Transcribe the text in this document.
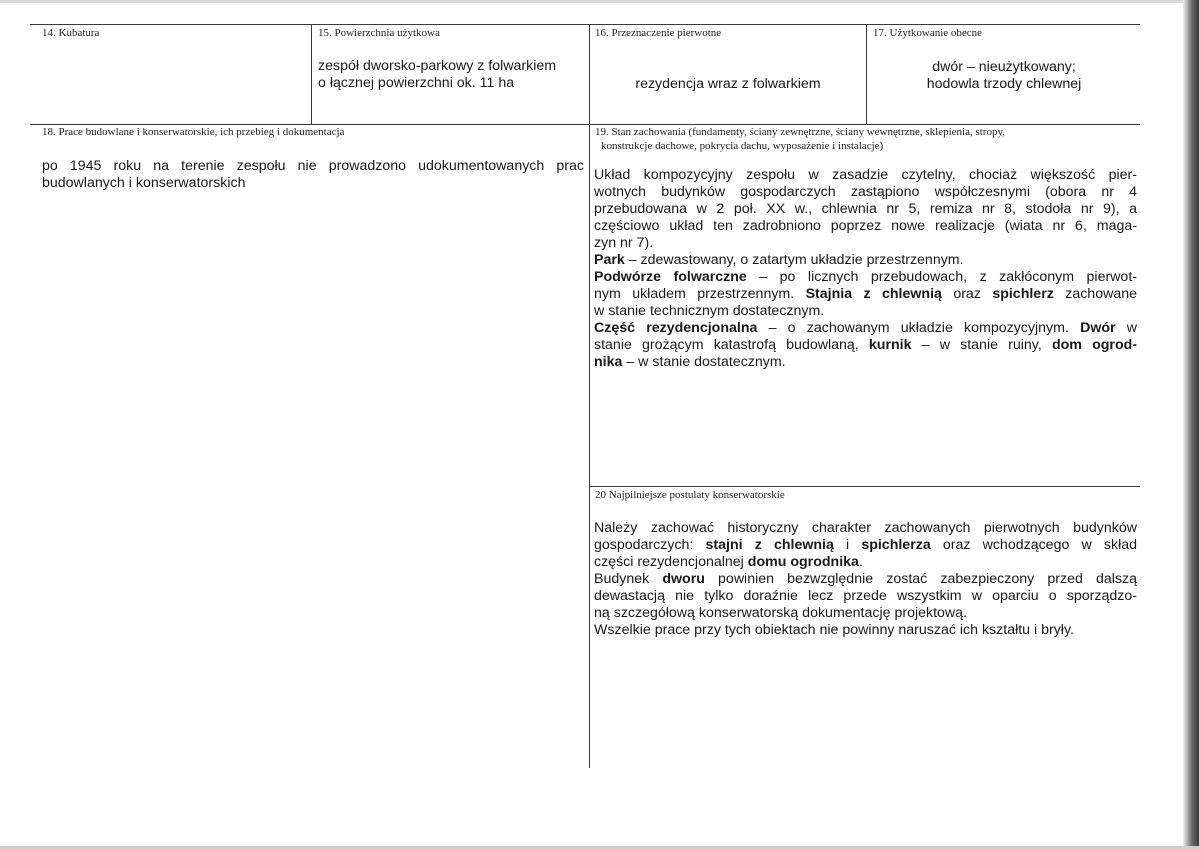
14. Kubatura	15. Powierzchnia użytkowa
zespół dworsko-parkowy z folwarkiem
o łącznej powierzchni ok. 11 ha
16. Przeznaczenie pierwotne
rezydencja wraz z folwarkiem
17. Użytkowanie obecne
dwór – nieużytkowany;
hodowla trzody chlewnej
18. Prace budowlane i konserwatorskie, ich przebieg i dokumentacja
po 1945 roku na terenie zespołu nie prowadzono udokumentowanych prac
budowlanych i konserwatorskich
19. Stan zachowania (fundamenty, ściany zewnętrzne, ściany wewnętrzne, sklepienia, stropy,
konstrukcje dachowe, pokrycia dachu, wyposażenie i instalacje)
Układ kompozycyjny zespołu w zasadzie czytelny, chociaż większość pier-
wotnych budynków gospodarczych zastąpiono współczesnymi (obora nr 4
przebudowana w 2 poł. XX w., chlewnia nr 5, remiza nr 8, stodoła nr 9), a
częściowo układ ten zadrobniono poprzez nowe realizacje (wiata nr 6, maga-
zyn nr 7).
Park – zdewastowany, o zatartym układzie przestrzennym.
Podwórze folwarczne – po licznych przebudowach, z zakłóconym pierwot-
nym układem przestrzennym. Stajnia z chlewnią oraz spichlerz zachowane
w stanie technicznym dostatecznym.
Część rezydencjonalna – o zachowanym układzie kompozycyjnym. Dwór w
stanie grożącym katastrofą budowlaną, kurnik – w stanie ruiny, dom ogrod-
nika – w stanie dostatecznym.
20 Najpilniejsze postulaty konserwatorskie
Należy zachować historyczny charakter zachowanych pierwotnych budynków
gospodarczych: stajni z chlewnią i spichlerza oraz wchodzącego w skład
części rezydencjonalnej domu ogrodnika.
Budynek dworu powinien bezwzględnie zostać zabezpieczony przed dalszą
dewastacją nie tylko doraźnie lecz przede wszystkim w oparciu o sporządzo-
ną szczegółową konserwatorską dokumentację projektową.
Wszelkie prace przy tych obiektach nie powinny naruszać ich kształtu i bryły.
